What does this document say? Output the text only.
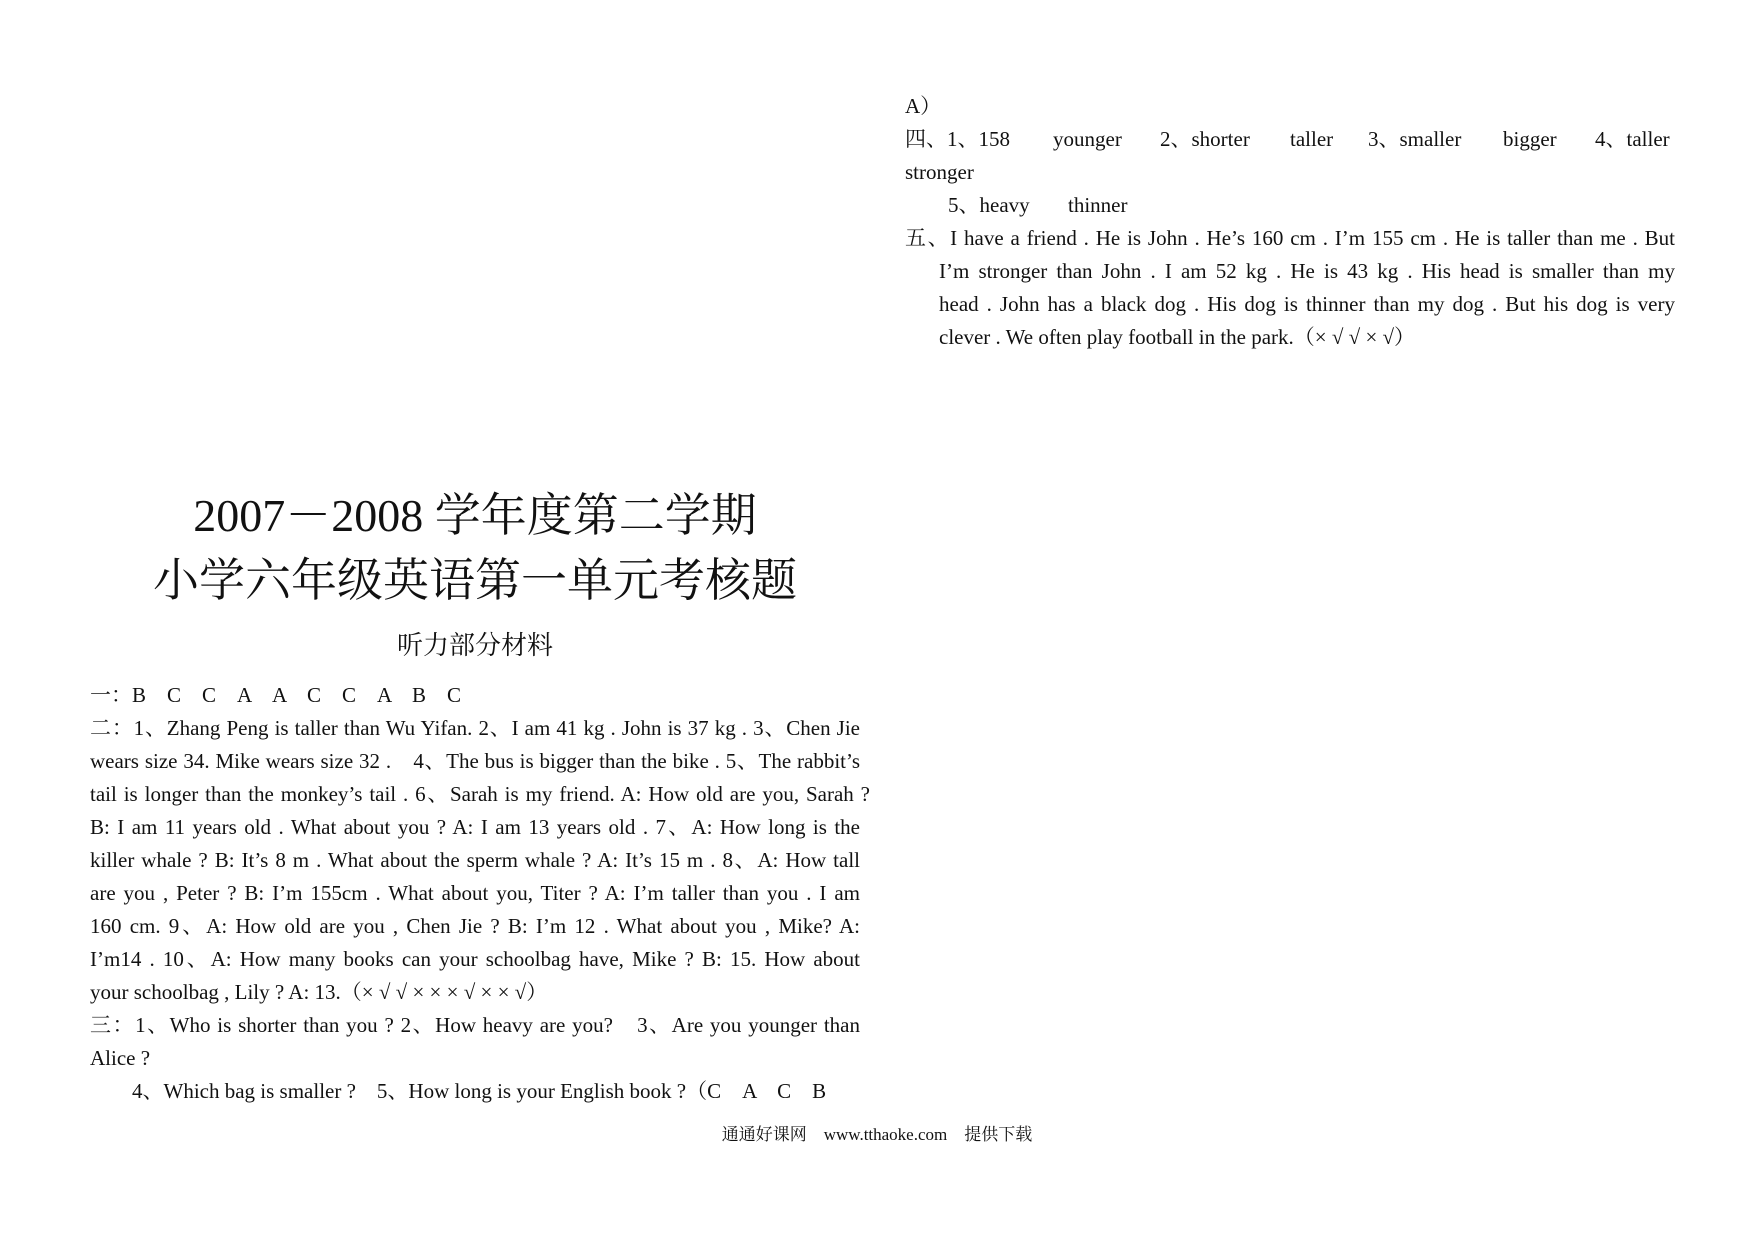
A）
四、1、158 younger 2、shorter taller 3、smaller bigger 4、taller
stronger
5、heavy thinner
五、I have a friend . He is John . He’s 160 cm . I’m 155 cm . He is taller than me . But
I’m stronger than John . I am 52 kg . He is 43 kg . His head is smaller than my
head . John has a black dog . His dog is thinner than my dog . But his dog is very
clever . We often play football in the park.（× √ √ × √）
2007－2008 学年度第二学期
小学六年级英语第一单元考核题
听力部分材料
一：B　C　C　A　A　C　C　A　B　C
二：1、Zhang Peng is taller than Wu Yifan. 2、I am 41 kg . John is 37 kg . 3、Chen Jie
wears size 34. Mike wears size 32 .　4、The bus is bigger than the bike . 5、The rabbit’s
tail is longer than the monkey’s tail . 6、Sarah is my friend. A: How old are you, Sarah ?
B: I am 11 years old . What about you ? A: I am 13 years old . 7、A: How long is the
killer whale ? B: It’s 8 m . What about the sperm whale ? A: It’s 15 m . 8、A: How tall
are you , Peter ? B: I’m 155cm . What about you, Titer ? A: I’m taller than you . I am
160 cm. 9、A: How old are you , Chen Jie ? B: I’m 12 . What about you , Mike? A:
I’m14 . 10、A: How many books can your schoolbag have, Mike ? B: 15. How about
your schoolbag , Lily ? A: 13.（× √ √ × × × √ × × √）
三：1、Who is shorter than you ? 2、How heavy are you?　3、Are you younger than
Alice ?
4、Which bag is smaller ?　5、How long is your English book ?（C　A　C　B
通通好课网　www.tthaoke.com　提供下载
